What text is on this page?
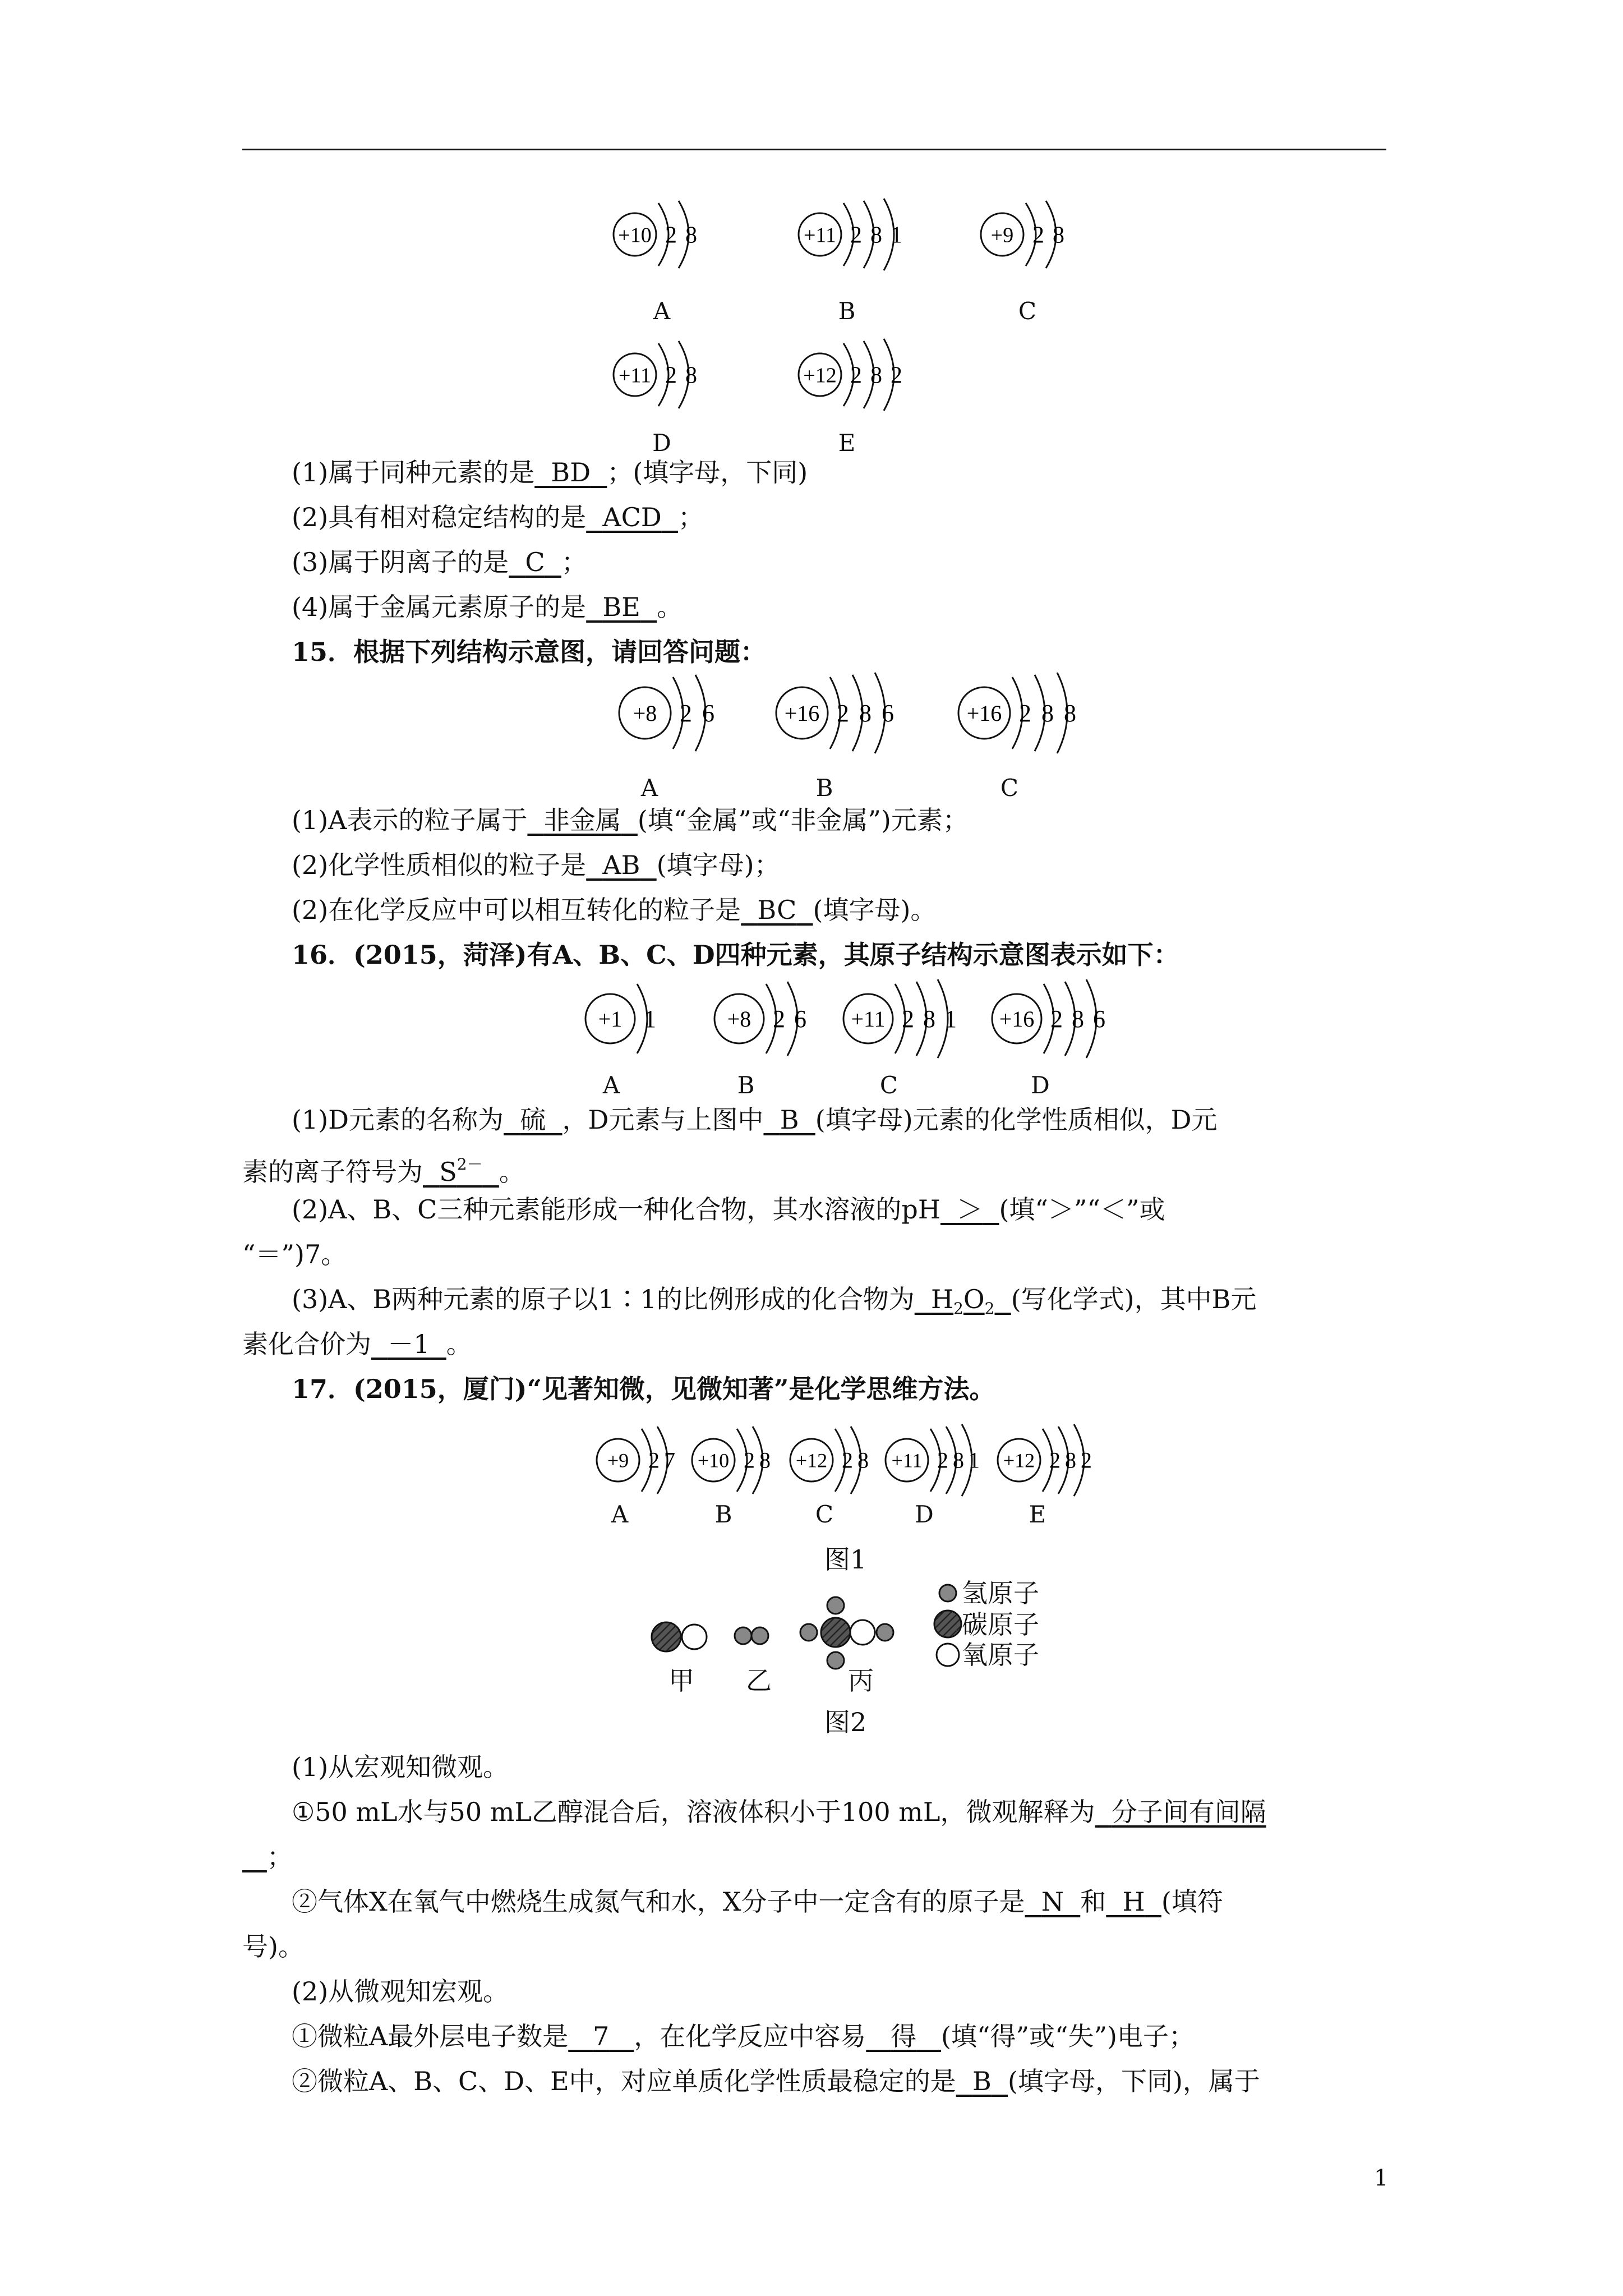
(1)属于同种元素的是 BD ；(填字母，下同)
(2)具有相对稳定结构的是 ACD ；
(3)属于阴离子的是 C ；
(4)属于金属元素原子的是 BE 。
15．根据下列结构示意图，请回答问题：
(1)A表示的粒子属于 非金属 (填“金属”或“非金属”)元素；
(2)化学性质相似的粒子是 AB (填字母)；
(2)在化学反应中可以相互转化的粒子是 BC (填字母)。
16．(2015，菏泽)有A、B、C、D四种元素，其原子结构示意图表示如下：
(1)D元素的名称为 硫 ，D元素与上图中 B (填字母)元素的化学性质相似，D元
素的离子符号为 $S^{2-}$ 。
(2)A、B、C三种元素能形成一种化合物，其水溶液的pH ＞ (填“＞”“＜”或
“＝”)7。
(3)A、B两种元素的原子以1∶1的比例形成的化合物为 $H_2O_2$ (写化学式)，其中B元
素化合价为 －1 。
17．(2015，厦门)“见著知微，见微知著”是化学思维方法。
图1
氢原子
碳原子
氧原子
甲 乙	丙
图2
(1)从宏观知微观。
①50 mL水与50 mL乙醇混合后，溶液体积小于100 mL，微观解释为 分子间有间隔
；
②气体X在氧气中燃烧生成氮气和水，X分子中一定含有的原子是 N 和 H (填符
号)。
(2)从微观知宏观。
①微粒A最外层电子数是 7 ，在化学反应中容易 得 (填“得”或“失”)电子；
②微粒A、B、C、D、E中，对应单质化学性质最稳定的是 B (填字母，下同)，属于
1
+10 2 8
A
+11 2 8 1
B
+9 2 8
C
+11 2 8
D
+12 2 8 2
E
+8 2 6
A
+16 2 8 6
B
+16 2 8 8
C
+1 1
A
+8 2 6
B
+11 2 8 1
C
+16 2 8 6
D
+9 2 7
A
+10 2 8
B
+12 2 8
C
+11 2 8 1
D
+12 2 8 2
E
